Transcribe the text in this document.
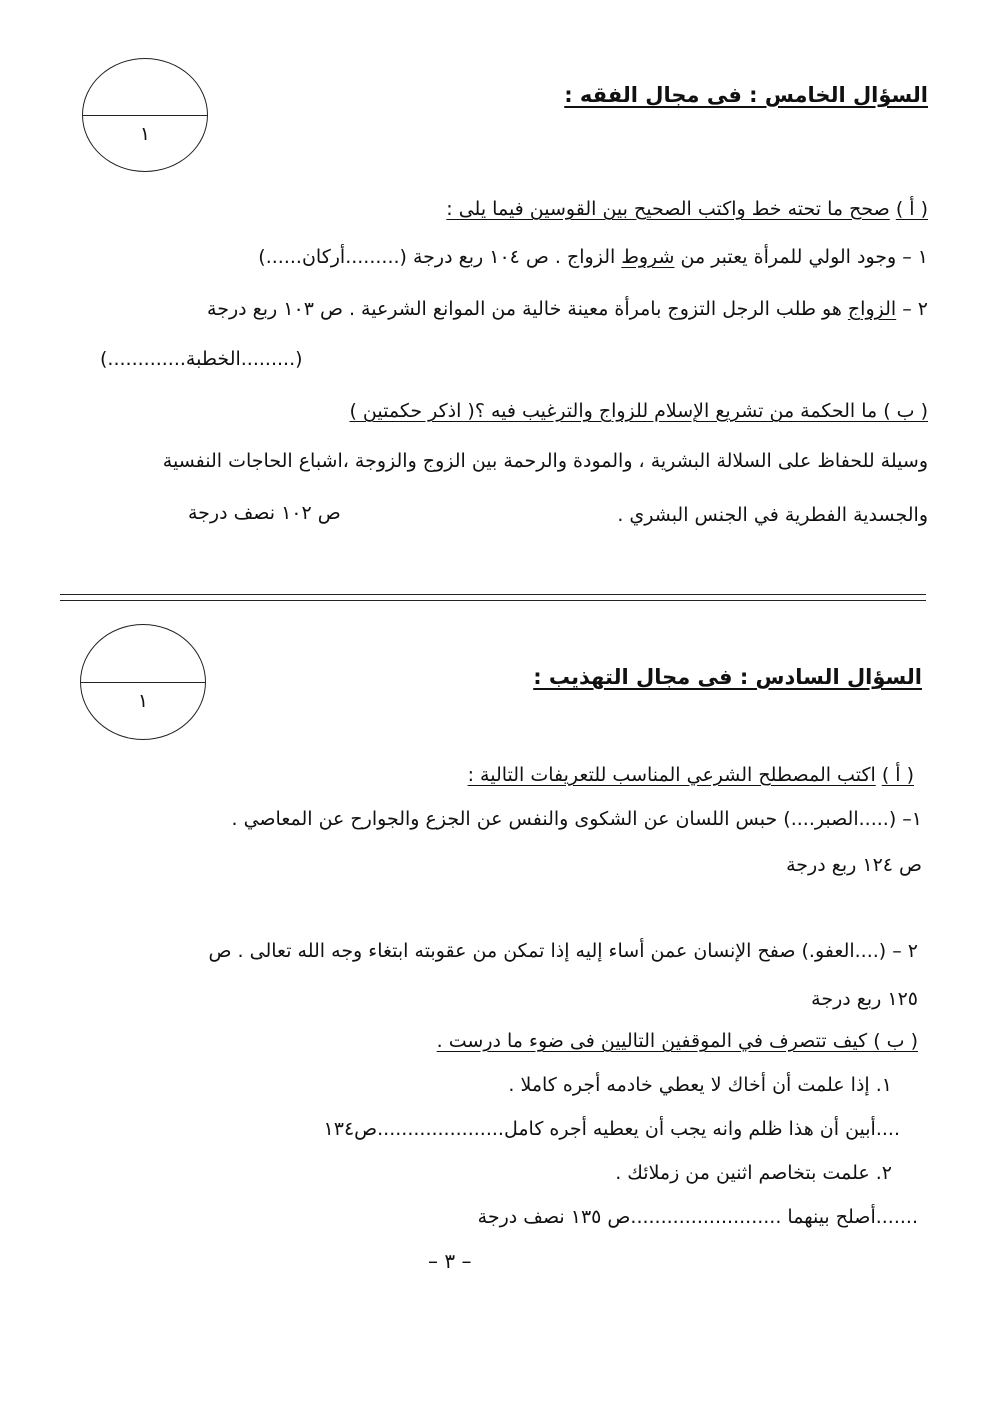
١
السؤال الخامس : فى مجال الفقه :
( أ ) صحح ما تحته خط واكتب الصحيح بين القوسين فيما يلى :
١ – وجود الولي للمرأة يعتبر من شروط الزواج . ص ١٠٤ ربع درجة (.........أركان......)
٢ – الزواج هو طلب الرجل التزوج بامرأة معينة خالية من الموانع الشرعية . ص ١٠٣ ربع درجة
(.........الخطبة.............)
( ب ) ما الحكمة من تشريع الإسلام للزواج والترغيب فيه ؟( اذكر حكمتين )
وسيلة للحفاظ على السلالة البشرية ، والمودة والرحمة بين الزوج والزوجة ،اشباع الحاجات النفسية
والجسدية الفطرية في الجنس البشري .
ص ١٠٢ نصف درجة
١
السؤال السادس : فى مجال التهذيب :
( أ ) اكتب المصطلح الشرعي المناسب للتعريفات التالية :
١– (.....الصبر....) حبس اللسان عن الشكوى والنفس عن الجزع والجوارح عن المعاصي .
ص ١٢٤ ربع درجة
٢ – (....العفو.) صفح الإنسان عمن أساء إليه إذا تمكن من عقوبته ابتغاء وجه الله تعالى . ص
١٢٥ ربع درجة
( ب ) كيف تتصرف في الموقفين التاليين فى ضوء ما درست .
١. إذا علمت أن أخاك لا يعطي خادمه أجره كاملا .
....أبين أن هذا ظلم وانه يجب أن يعطيه أجره كامل.....................ص١٣٤
٢. علمت بتخاصم اثنين من زملائك .
.......أصلح بينهما .........................ص ١٣٥ نصف درجة
– ٣ –
